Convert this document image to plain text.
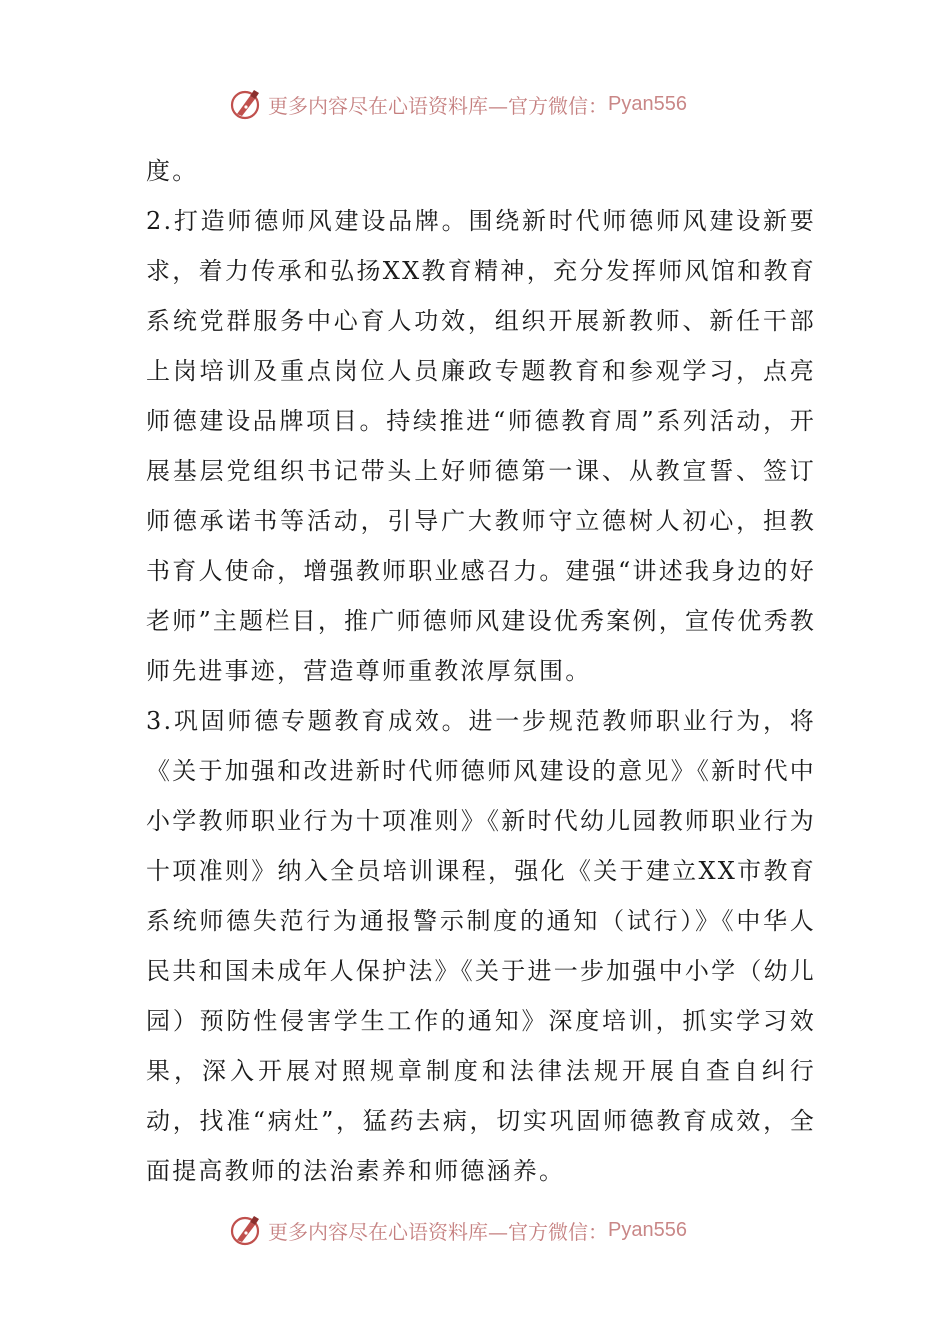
更多内容尽在心语资料库—官方微信： Pyan556

度。

2.打造师德师风建设品牌。围绕新时代师德师风建设新要求，着力传承和弘扬XX教育精神，充分发挥师风馆和教育系统党群服务中心育人功效，组织开展新教师、新任干部上岗培训及重点岗位人员廉政专题教育和参观学习，点亮师德建设品牌项目。持续推进“师德教育周”系列活动，开展基层党组织书记带头上好师德第一课、从教宣誓、签订师德承诺书等活动，引导广大教师守立德树人初心，担教书育人使命，增强教师职业感召力。建强“讲述我身边的好老师”主题栏目，推广师德师风建设优秀案例，宣传优秀教师先进事迹，营造尊师重教浓厚氛围。

3.巩固师德专题教育成效。进一步规范教师职业行为，将《关于加强和改进新时代师德师风建设的意见》《新时代中小学教师职业行为十项准则》《新时代幼儿园教师职业行为十项准则》纳入全员培训课程，强化《关于建立XX市教育系统师德失范行为通报警示制度的通知（试行）》《中华人民共和国未成年人保护法》《关于进一步加强中小学（幼儿园）预防性侵害学生工作的通知》深度培训，抓实学习效果，深入开展对照规章制度和法律法规开展自查自纠行动，找准“病灶”，猛药去病，切实巩固师德教育成效，全面提高教师的法治素养和师德涵养。

更多内容尽在心语资料库—官方微信： Pyan556
